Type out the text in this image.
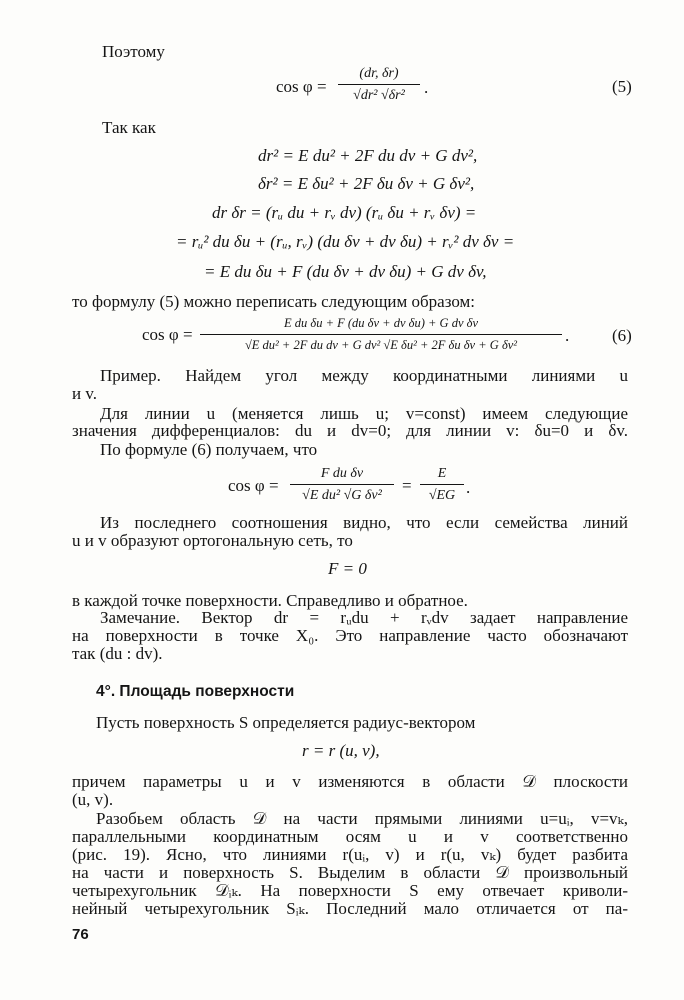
Поэтому
cos φ =
(dr, δr)
√dr² √δr²	.	(5)
Так как
dr² = E du² + 2F du dv + G dv²,
δr² = E δu² + 2F δu δv + G δv²,
dr δr = (rᵤ du + rᵥ dv) (rᵤ δu + rᵥ δv) =
= rᵤ² du δu + (rᵤ, rᵥ) (du δv + dv δu) + rᵥ² dv δv =
= E du δu + F (du δv + dv δu) + G dv δv,
то формулу (5) можно переписать следующим образом:
cos φ =
E du δu + F (du δv + dv δu) + G dv δv
√E du² + 2F du dv + G dv² √E δu² + 2F δu δv + G δv²	.	(6)
Пример. Найдем угол между координатными линиями u
и v.
Для линии u (меняется лишь u; v=const) имеем следующие
значения дифференциалов: du и dv=0; для линии v: δu=0 и δv.
По формуле (6) получаем, что
cos φ =
F du δv
√E du² √G δv²
=
E
√EG .
Из последнего соотношения видно, что если семейства линий
u и v образуют ортогональную сеть, то
F = 0
в каждой точке поверхности. Справедливо и обратное.
Замечание. Вектор dr = rᵤdu + rᵥdv задает направление
на поверхности в точке X₀. Это направление часто обозначают
так (du : dv).
4°. Площадь поверхности
Пусть поверхность S определяется радиус-вектором
r = r (u, v),
причем параметры u и v изменяются в области 𝒟 плоскости
(u, v).
Разобьем область 𝒟 на части прямыми линиями u=uᵢ, v=vₖ,
параллельными координатным осям u и v соответственно
(рис. 19). Ясно, что линиями r(uᵢ, v) и r(u, vₖ) будет разбита
на части и поверхность S. Выделим в области 𝒟 произвольный
четырехугольник 𝒟ᵢₖ. На поверхности S ему отвечает криволи-
нейный четырехугольник Sᵢₖ. Последний мало отличается от па-
76
